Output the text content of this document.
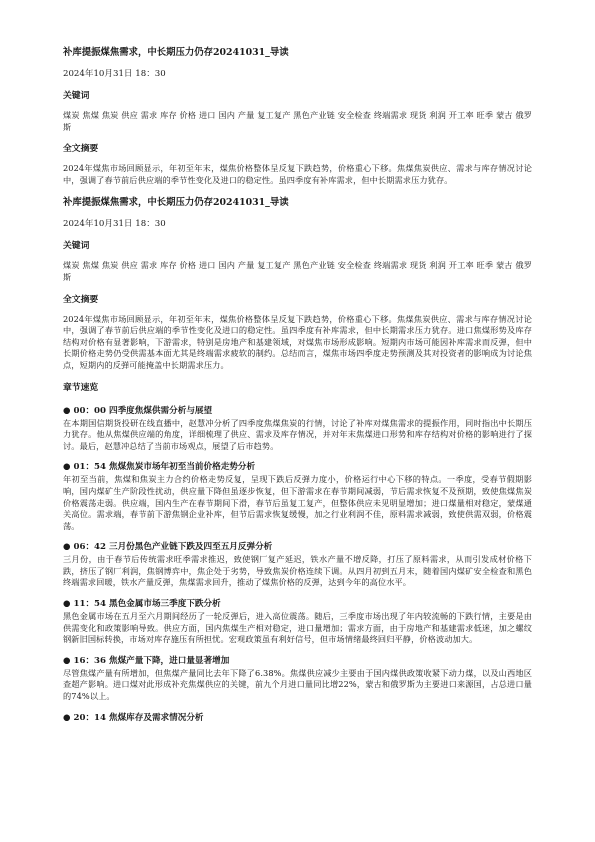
补库提振煤焦需求，中长期压力仍存20241031_导读
2024年10月31日 18：30
关键词

煤炭 焦煤 焦炭 供应 需求 库存 价格 进口 国内 产量 复工复产 黑色产业链 安全检查 终端需求 现货 利润 开工率 旺季 蒙古 俄罗斯

全文摘要

2024年煤焦市场回顾显示，年初至年末，煤焦价格整体呈反复下跌趋势，价格重心下移。焦煤焦炭供应、需求与库存情况讨论中，强调了春节前后供应端的季节性变化及进口的稳定性。虽四季度有补库需求，但中长期需求压力犹存。

补库提振煤焦需求，中长期压力仍存20241031_导读
2024年10月31日 18：30
关键词

煤炭 焦煤 焦炭 供应 需求 库存 价格 进口 国内 产量 复工复产 黑色产业链 安全检查 终端需求 现货 利润 开工率 旺季 蒙古 俄罗斯

全文摘要

2024年煤焦市场回顾显示，年初至年末，煤焦价格整体呈反复下跌趋势，价格重心下移。焦煤焦炭供应、需求与库存情况讨论中，强调了春节前后供应端的季节性变化及进口的稳定性。虽四季度有补库需求，但中长期需求压力犹存。进口焦煤形势及库存结构对价格有显著影响，下游需求，特别是房地产和基建领域，对煤焦市场形成影响。短期内市场可能因补库需求而反弹，但中长期价格走势仍受供需基本面尤其是终端需求疲软的制约。总结而言，煤焦市场四季度走势预测及其对投资者的影响成为讨论焦点，短期内的反弹可能掩盖中长期需求压力。

章节速览
● 00：00 四季度焦煤供需分析与展望

在本期国信期货投研在线直播中，赵慧冲分析了四季度焦煤焦炭的行情，讨论了补库对煤焦需求的提振作用，同时指出中长期压力犹存。他从焦煤供应端的角度，详细梳理了供应、需求及库存情况，并对年末焦煤进口形势和库存结构对价格的影响进行了探讨。最后，赵慧冲总结了当前市场观点，展望了后市趋势。

● 01：54 焦煤焦炭市场年初至当前价格走势分析

年初至当前，焦煤和焦炭主力合约价格走势反复，呈现下跌后反弹力度小，价格运行中心下移的特点。一季度，受春节假期影响，国内煤矿生产阶段性扰动，供应量下降但虽逐步恢复，但下游需求在春节期间减弱，节后需求恢复不及预期，致使焦煤焦炭价格震荡走弱。供应端，国内生产在春节期间下滑，春节后虽复工复产，但整体供应未见明显增加；进口煤量相对稳定，蒙煤通关高位。需求端，春节前下游焦钢企业补库，但节后需求恢复缓慢，加之行业利润不佳，原料需求减弱，致使供需双弱，价格震荡。

● 06：42 三月份黑色产业链下跌及四至五月反弹分析

三月份，由于春节后传统需求旺季需求推迟，致使钢厂复产延迟，铁水产量不增反降，打压了原料需求，从而引发成材价格下跌，挤压了钢厂利润，焦钢博弈中，焦企处于劣势，导致焦炭价格连续下调。从四月初到五月末，随着国内煤矿安全检查和黑色终端需求回暖，铁水产量反弹，焦煤需求回升，推动了煤焦价格的反弹，达到今年的高位水平。

● 11：54 黑色金属市场三季度下跌分析

黑色金属市场在五月至六月期间经历了一轮反弹后，进入高位震荡。随后，三季度市场出现了年内较流畅的下跌行情，主要是由供需变化和政策影响导致。供应方面，国内焦煤生产相对稳定，进口量增加；需求方面，由于房地产和基建需求低迷，加之螺纹钢新旧国标转换，市场对库存施压有所担忧。宏观政策虽有利好信号，但市场情绪最终回归平静，价格波动加大。

● 16：36 焦煤产量下降，进口量显著增加

尽管焦煤产量有所增加，但焦煤产量同比去年下降了6.38%。焦煤供应减少主要由于国内煤供政策收紧下动力煤，以及山西地区查超产影响。进口煤对此形成补充焦煤供应的关键，前九个月进口量同比增22%，蒙古和俄罗斯为主要进口来源国，占总进口量的74%以上。

● 20：14 焦煤库存及需求情况分析
